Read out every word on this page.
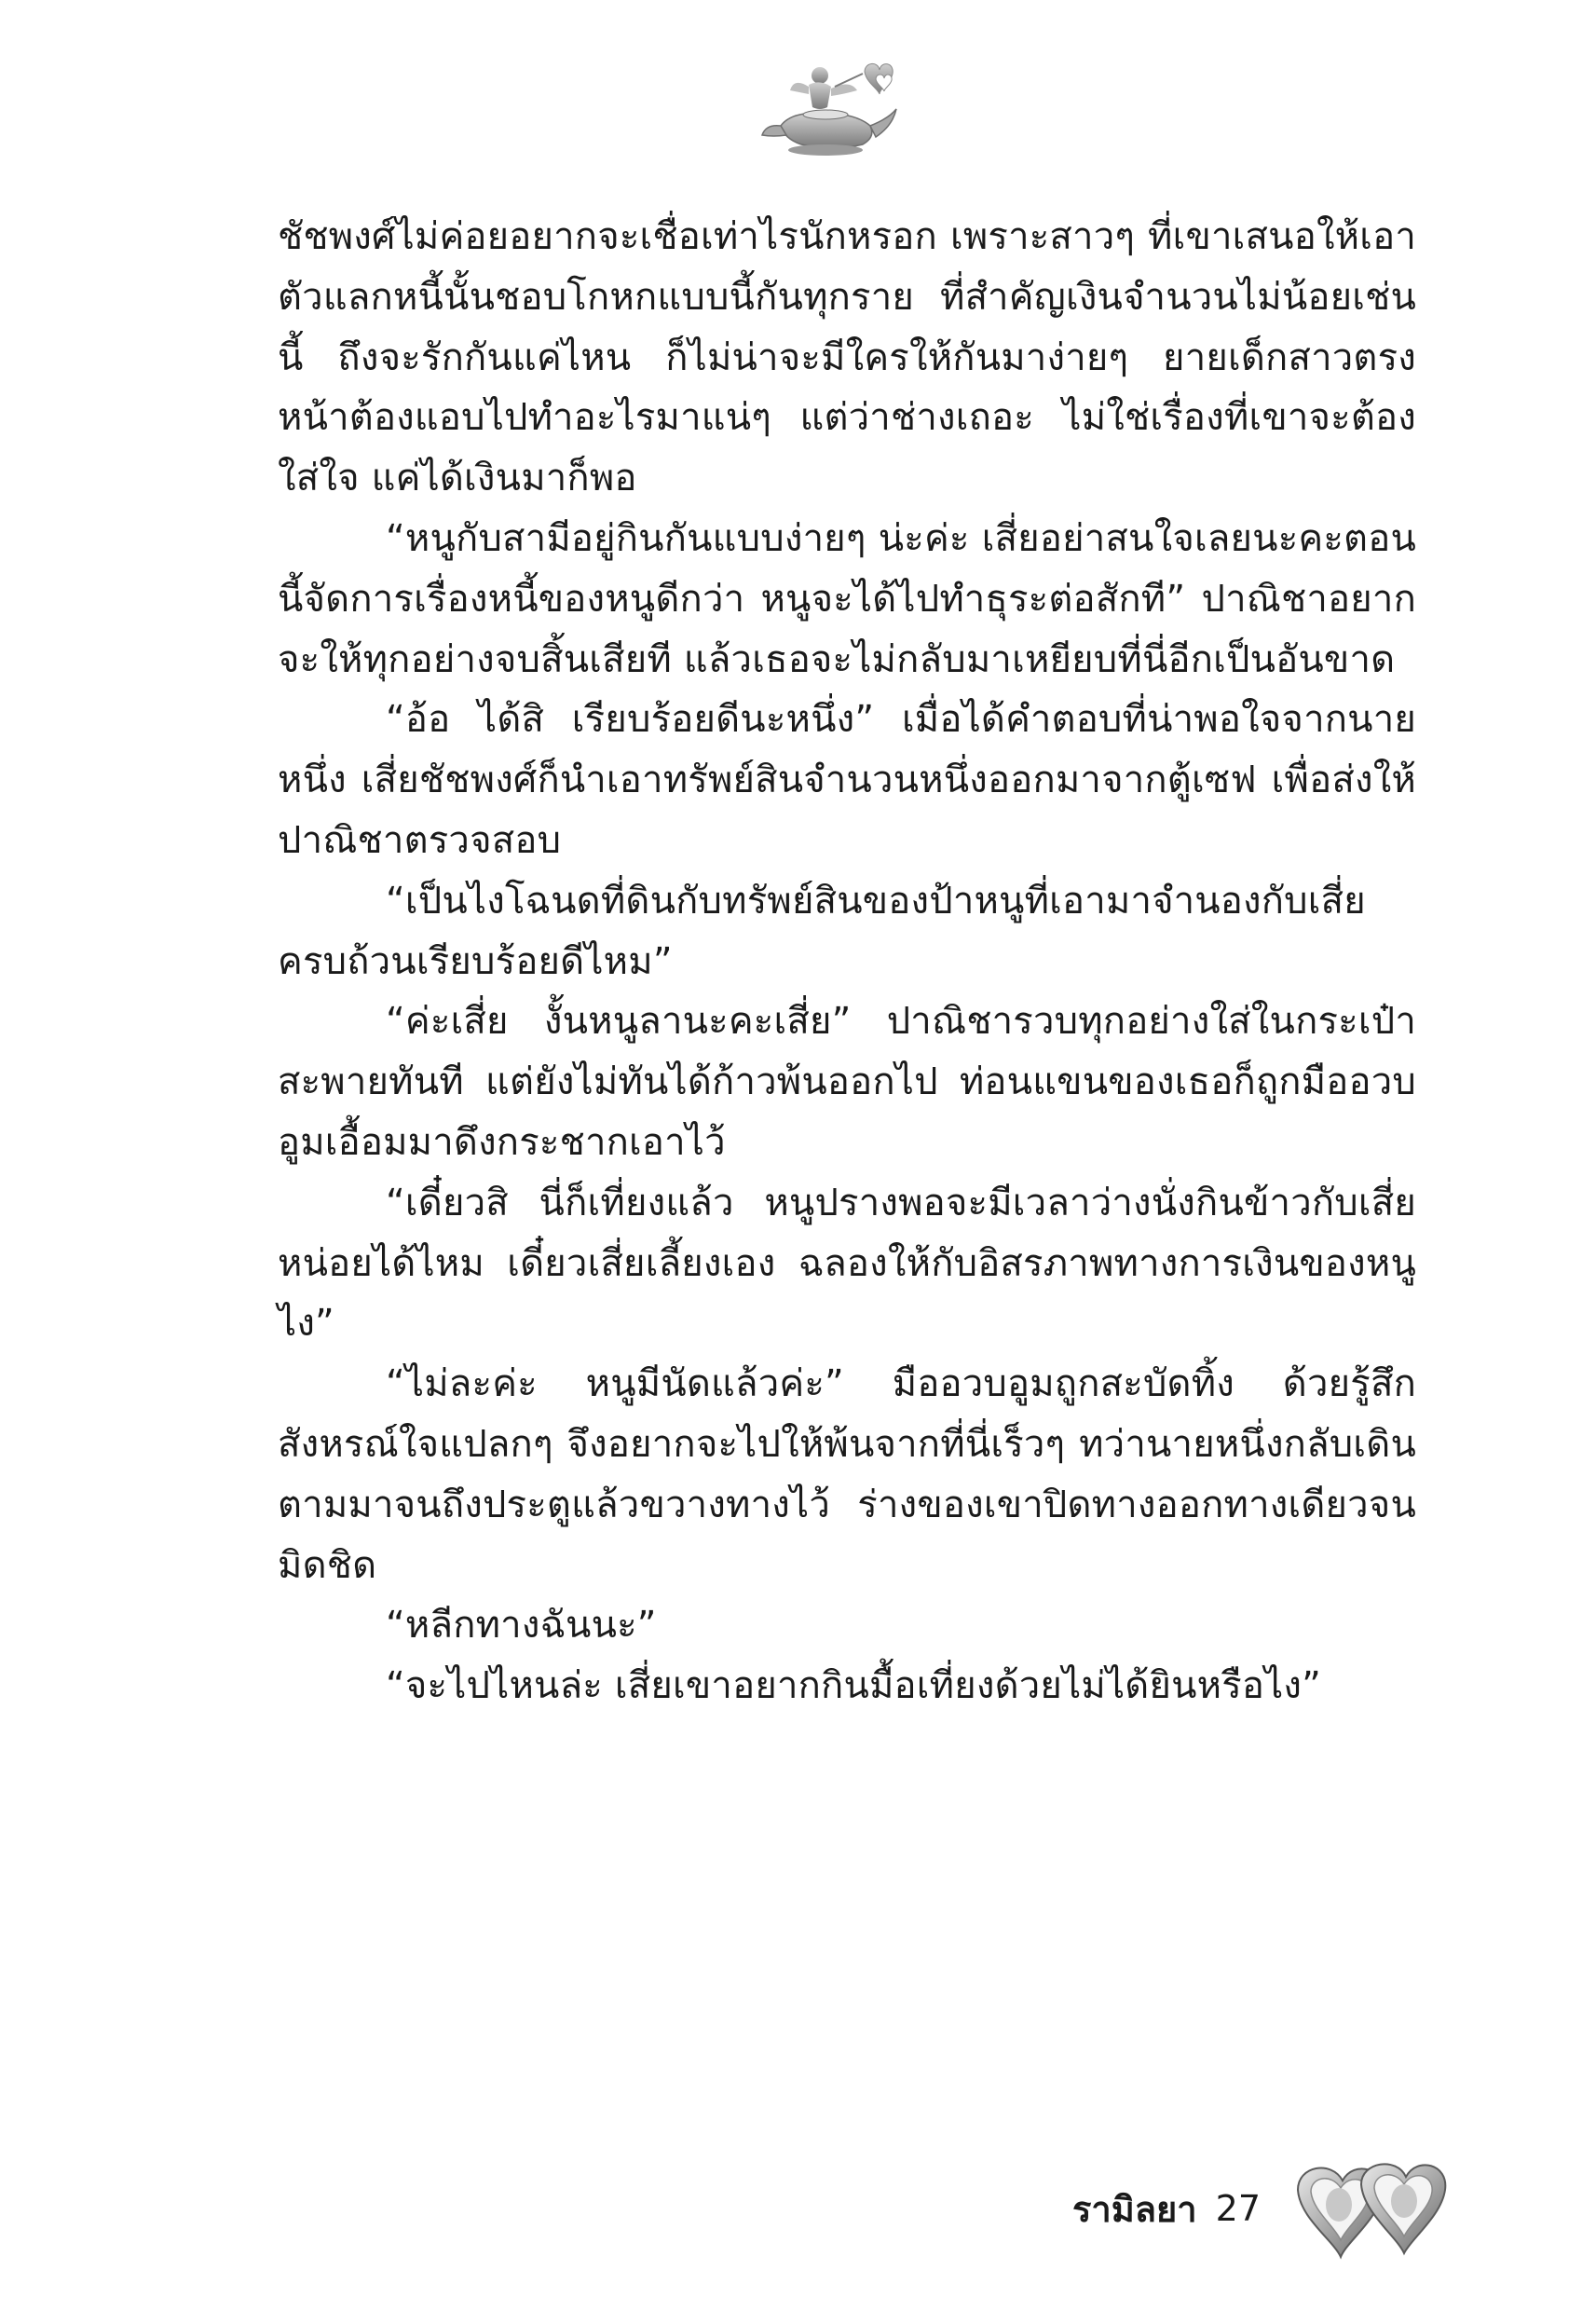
ชัชพงศ์ไม่ค่อยอยากจะเชื่อเท่าไรนักหรอก เพราะสาวๆ ที่เขาเสนอให้เอาตัวแลกหนี้นั้นชอบโกหกแบบนี้กันทุกราย ที่สำคัญเงินจำนวนไม่น้อยเช่นนี้ ถึงจะรักกันแค่ไหน ก็ไม่น่าจะมีใครให้กันมาง่ายๆ ยายเด็กสาวตรงหน้าต้องแอบไปทำอะไรมาแน่ๆ แต่ว่าช่างเถอะ ไม่ใช่เรื่องที่เขาจะต้องใส่ใจ แค่ได้เงินมาก็พอ

“หนูกับสามีอยู่กินกันแบบง่ายๆ น่ะค่ะ เสี่ยอย่าสนใจเลยนะคะตอนนี้จัดการเรื่องหนี้ของหนูดีกว่า หนูจะได้ไปทำธุระต่อสักที” ปาณิชาอยากจะให้ทุกอย่างจบสิ้นเสียที แล้วเธอจะไม่กลับมาเหยียบที่นี่อีกเป็นอันขาด

“อ้อ ได้สิ เรียบร้อยดีนะหนึ่ง” เมื่อได้คำตอบที่น่าพอใจจากนายหนึ่ง เสี่ยชัชพงศ์ก็นำเอาทรัพย์สินจำนวนหนึ่งออกมาจากตู้เซฟ เพื่อส่งให้ปาณิชาตรวจสอบ

“เป็นไงโฉนดที่ดินกับทรัพย์สินของป้าหนูที่เอามาจำนองกับเสี่ยครบถ้วนเรียบร้อยดีไหม”

“ค่ะเสี่ย งั้นหนูลานะคะเสี่ย” ปาณิชารวบทุกอย่างใส่ในกระเป๋าสะพายทันที แต่ยังไม่ทันได้ก้าวพ้นออกไป ท่อนแขนของเธอก็ถูกมืออวบอูมเอื้อมมาดึงกระชากเอาไว้

“เดี๋ยวสิ นี่ก็เที่ยงแล้ว หนูปรางพอจะมีเวลาว่างนั่งกินข้าวกับเสี่ยหน่อยได้ไหม เดี๋ยวเสี่ยเลี้ยงเอง ฉลองให้กับอิสรภาพทางการเงินของหนูไง”

“ไม่ละค่ะ หนูมีนัดแล้วค่ะ” มืออวบอูมถูกสะบัดทิ้ง ด้วยรู้สึกสังหรณ์ใจแปลกๆ จึงอยากจะไปให้พ้นจากที่นี่เร็วๆ ทว่านายหนึ่งกลับเดินตามมาจนถึงประตูแล้วขวางทางไว้ ร่างของเขาปิดทางออกทางเดียวจนมิดชิด

“หลีกทางฉันนะ”

“จะไปไหนล่ะ เสี่ยเขาอยากกินมื้อเที่ยงด้วยไม่ได้ยินหรือไง”

รามิลยา 27
